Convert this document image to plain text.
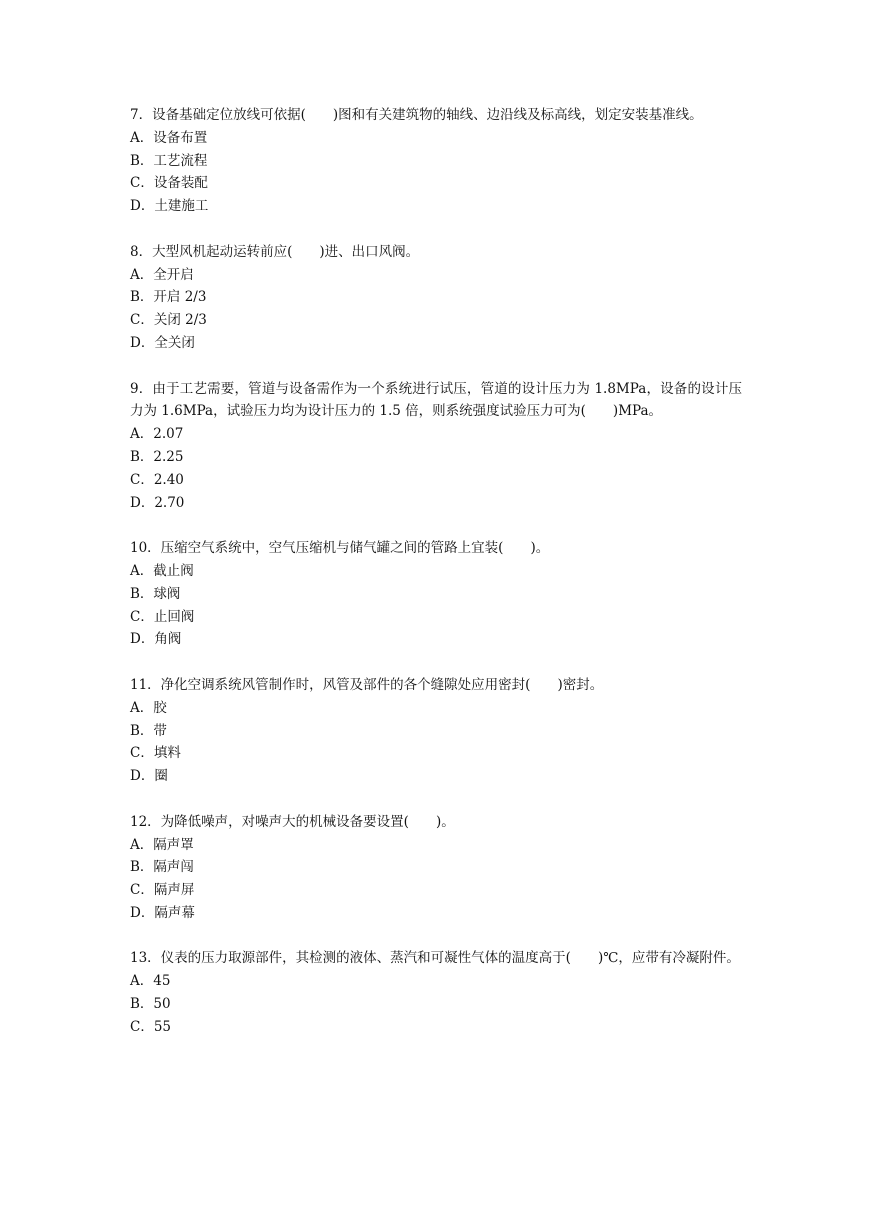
7．设备基础定位放线可依据(　　)图和有关建筑物的轴线、边沿线及标高线，划定安装基准线。

A．设备布置

B．工艺流程

C．设备装配

D．土建施工

8．大型风机起动运转前应(　　)进、出口风阀。

A．全开启

B．开启 2/3

C．关闭 2/3

D．全关闭

9．由于工艺需要，管道与设备需作为一个系统进行试压，管道的设计压力为 1.8MPa，设备的设计压力为 1.6MPa，试验压力均为设计压力的 1.5 倍，则系统强度试验压力可为(　　)MPa。

A．2.07

B．2.25

C．2.40

D．2.70

10．压缩空气系统中，空气压缩机与储气罐之间的管路上宜装(　　)。

A．截止阀

B．球阀

C．止回阀

D．角阀

11．净化空调系统风管制作时，风管及部件的各个缝隙处应用密封(　　)密封。

A．胶

B．带

C．填料

D．圈

12．为降低噪声，对噪声大的机械设备要设置(　　)。

A．隔声罩

B．隔声闯

C．隔声屏

D．隔声幕

13．仪表的压力取源部件，其检测的液体、蒸汽和可凝性气体的温度高于(　　)℃，应带有冷凝附件。

A．45

B．50

C．55
